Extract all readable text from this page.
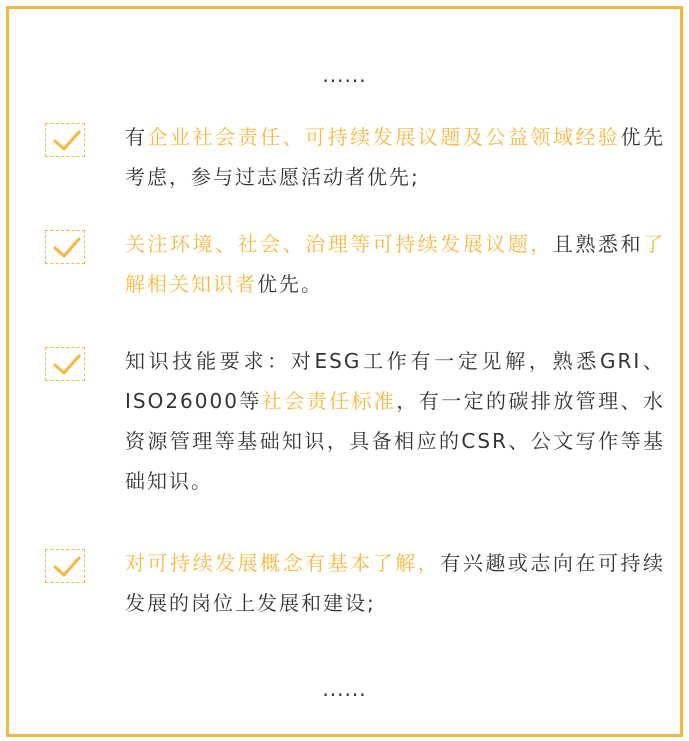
......
有企业社会责任、可持续发展议题及公益领域经验优先考虑，参与过志愿活动者优先;
关注环境、社会、治理等可持续发展议题，且熟悉和了解相关知识者优先。
知识技能要求：对ESG工作有一定见解，熟悉GRI、ISO26000等社会责任标准，有一定的碳排放管理、水资源管理等基础知识，具备相应的CSR、公文写作等基础知识。
对可持续发展概念有基本了解，有兴趣或志向在可持续发展的岗位上发展和建设;
......
